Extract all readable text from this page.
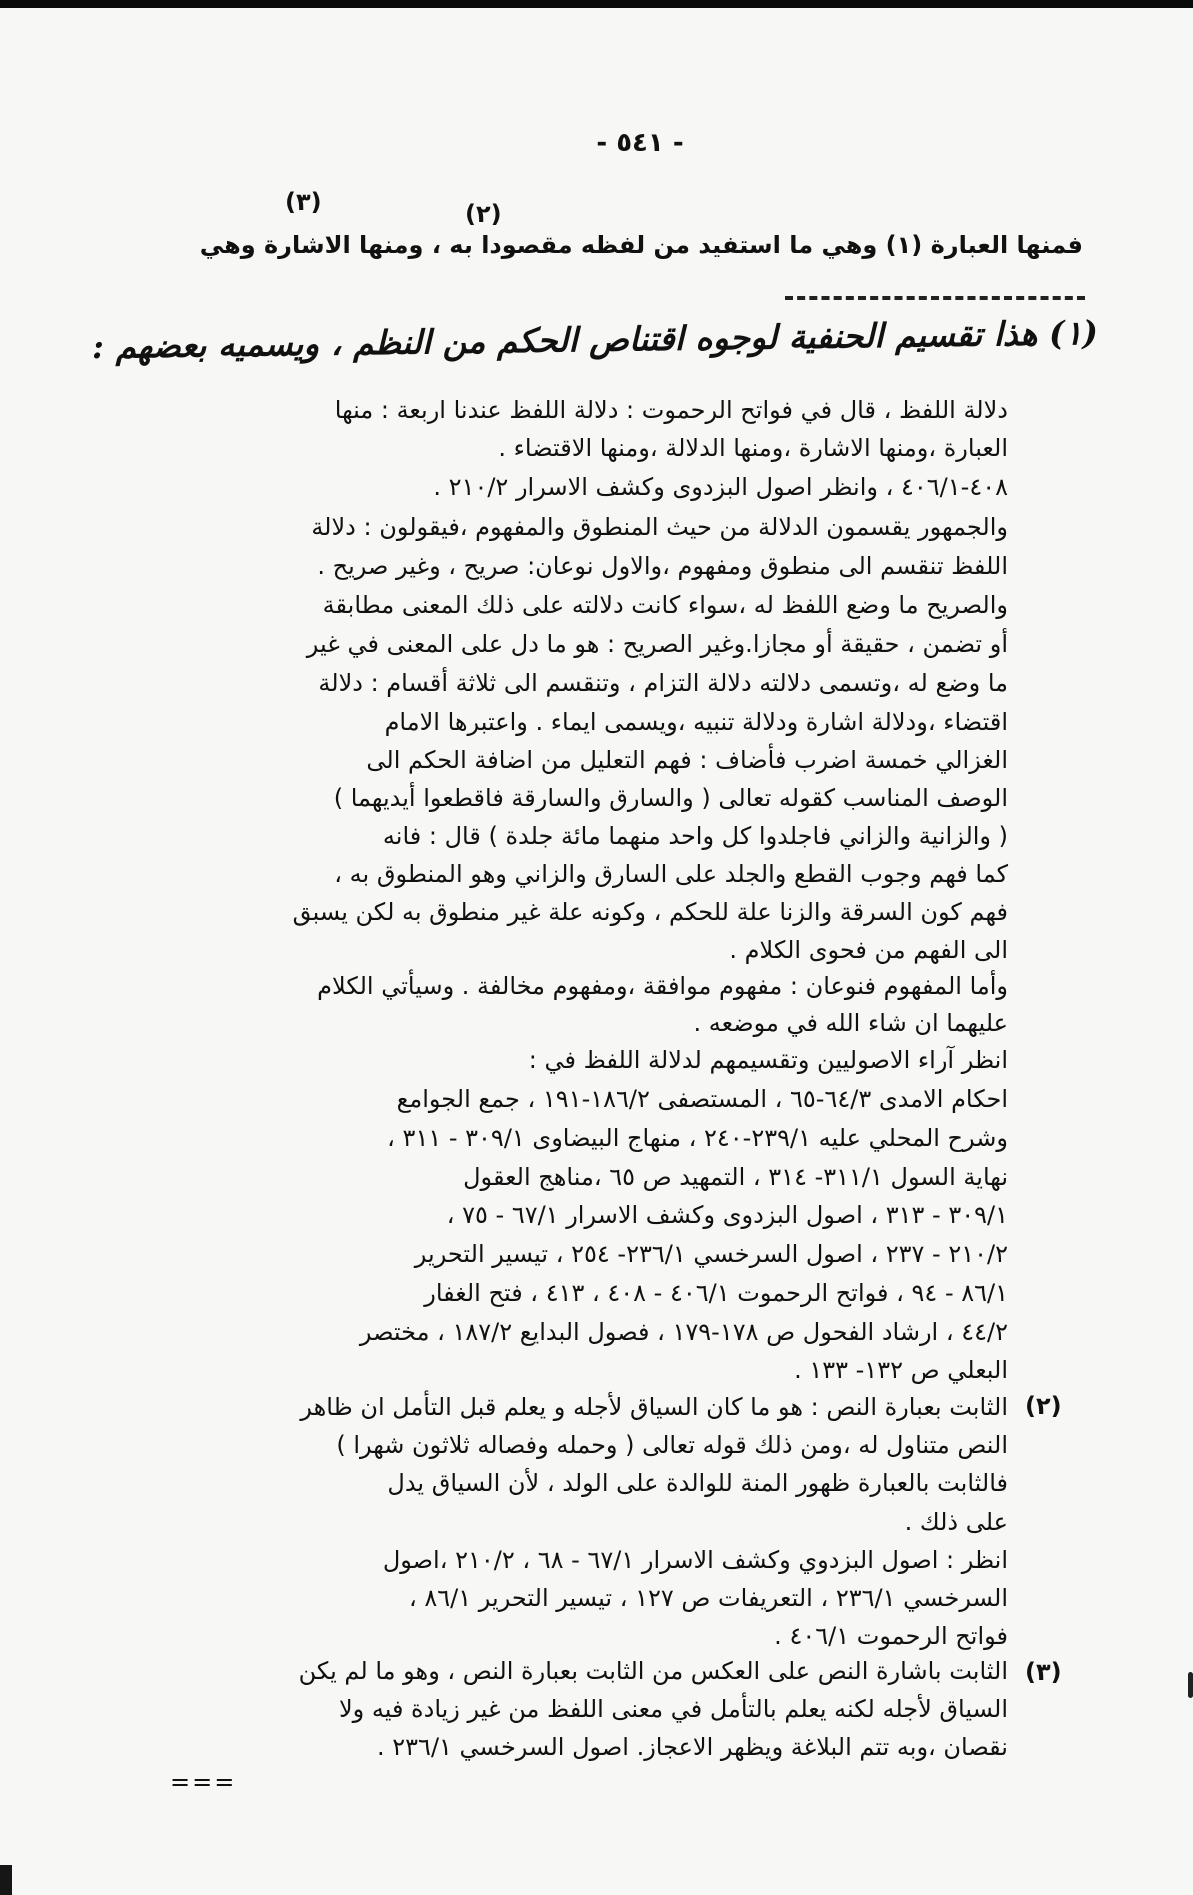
- ٥٤١ -
(٣)	(٢)
فمنها العبارة (١) وهي ما استفيد من لفظه مقصودا به ، ومنها الاشارة وهي
(١) هذا تقسيم الحنفية لوجوه اقتناص الحكم من النظم ، ويسميه بعضهم :
دلالة اللفظ ، قال في فواتح الرحموت : دلالة اللفظ عندنا اربعة : منها
العبارة ،ومنها الاشارة ،ومنها الدلالة ،ومنها الاقتضاء .
٤٠٨-٤٠٦/١ ، وانظر اصول البزدوى وكشف الاسرار ٢١٠/٢ .
والجمهور يقسمون الدلالة من حيث المنطوق والمفهوم ،فيقولون : دلالة
اللفظ تنقسم الى منطوق ومفهوم ،والاول نوعان: صريح ، وغير صريح .
والصريح ما وضع اللفظ له ،سواء كانت دلالته على ذلك المعنى مطابقة
أو تضمن ، حقيقة أو مجازا.وغير الصريح : هو ما دل على المعنى في غير
ما وضع له ،وتسمى دلالته دلالة التزام ، وتنقسم الى ثلاثة أقسام : دلالة
اقتضاء ،ودلالة اشارة ودلالة تنبيه ،ويسمى ايماء . واعتبرها الامام
الغزالي خمسة اضرب فأضاف : فهم التعليل من اضافة الحكم الى
الوصف المناسب كقوله تعالى ( والسارق والسارقة فاقطعوا أيديهما )
( والزانية والزاني فاجلدوا كل واحد منهما مائة جلدة ) قال : فانه
كما فهم وجوب القطع والجلد على السارق والزاني وهو المنطوق به ،
فهم كون السرقة والزنا علة للحكم ، وكونه علة غير منطوق به لكن يسبق
الى الفهم من فحوى الكلام .
وأما المفهوم فنوعان : مفهوم موافقة ،ومفهوم مخالفة . وسيأتي الكلام
عليهما ان شاء الله في موضعه .
انظر آراء الاصوليين وتقسيمهم لدلالة اللفظ في :
احكام الامدى ٦٤/٣-٦٥ ، المستصفى ١٨٦/٢-١٩١ ، جمع الجوامع
وشرح المحلي عليه ٢٣٩/١-٢٤٠ ، منهاج البيضاوى ٣٠٩/١ - ٣١١ ،
نهاية السول ٣١١/١- ٣١٤ ، التمهيد ص ٦٥ ،مناهج العقول
٣٠٩/١ - ٣١٣ ، اصول البزدوى وكشف الاسرار ٦٧/١ - ٧٥ ،
٢١٠/٢ - ٢٣٧ ، اصول السرخسي ٢٣٦/١- ٢٥٤ ، تيسير التحرير
٨٦/١ - ٩٤ ، فواتح الرحموت ٤٠٦/١ - ٤٠٨ ، ٤١٣ ، فتح الغفار
٤٤/٢ ، ارشاد الفحول ص ١٧٨-١٧٩ ، فصول البدايع ١٨٧/٢ ، مختصر
البعلي ص ١٣٢- ١٣٣ .
(٢)
الثابت بعبارة النص : هو ما كان السياق لأجله و يعلم قبل التأمل ان ظاهر
النص متناول له ،ومن ذلك قوله تعالى ( وحمله وفصاله ثلاثون شهرا )
فالثابت بالعبارة ظهور المنة للوالدة على الولد ، لأن السياق يدل
على ذلك .
انظر : اصول البزدوي وكشف الاسرار ٦٧/١ - ٦٨ ، ٢١٠/٢ ،اصول
السرخسي ٢٣٦/١ ، التعريفات ص ١٢٧ ، تيسير التحرير ٨٦/١ ،
فواتح الرحموت ٤٠٦/١ .
(٣)
الثابت باشارة النص على العكس من الثابت بعبارة النص ، وهو ما لم يكن
السياق لأجله لكنه يعلم بالتأمل في معنى اللفظ من غير زيادة فيه ولا
نقصان ،وبه تتم البلاغة ويظهر الاعجاز. اصول السرخسي ٢٣٦/١ .
===
